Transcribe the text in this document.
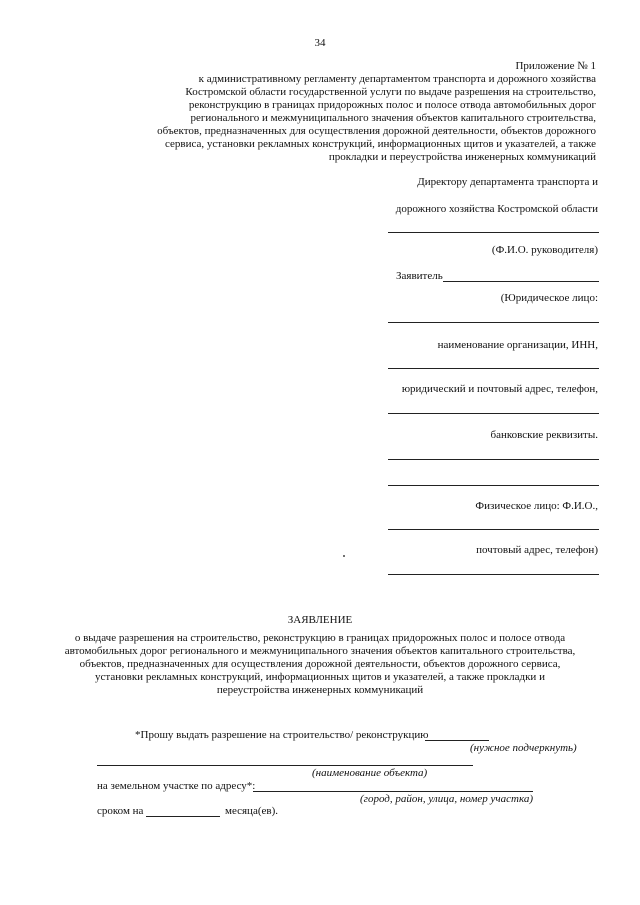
34
Приложение № 1
к административному регламенту департаментом транспорта и дорожного хозяйства
Костромской области государственной услуги по выдаче разрешения на строительство,
реконструкцию в границах придорожных полос и полосе отвода автомобильных дорог
регионального и межмуниципального значения объектов капитального строительства,
объектов, предназначенных для осуществления дорожной деятельности, объектов дорожного
сервиса, установки рекламных конструкций, информационных щитов и указателей, а также
прокладки и переустройства инженерных коммуникаций
Директору департамента транспорта и
дорожного хозяйства Костромской области
(Ф.И.О. руководителя)
Заявитель
(Юридическое лицо:
наименование организации, ИНН,
юридический и почтовый адрес, телефон,
банковские реквизиты.
Физическое лицо: Ф.И.О.,
почтовый адрес, телефон)
ЗАЯВЛЕНИЕ
о выдаче разрешения на строительство, реконструкцию в границах придорожных полос и полосе отвода
автомобильных дорог регионального и межмуниципального значения объектов капитального строительства,
объектов, предназначенных для осуществления дорожной деятельности, объектов дорожного сервиса,
установки рекламных конструкций, информационных щитов и указателей, а также прокладки и
переустройства инженерных коммуникаций
*Прошу выдать разрешение на строительство/ реконструкцию
(нужное подчеркнуть)
(наименование объекта)
на земельном участке по адресу*:
(город, район, улица, номер участка)
сроком на	месяца(ев).
